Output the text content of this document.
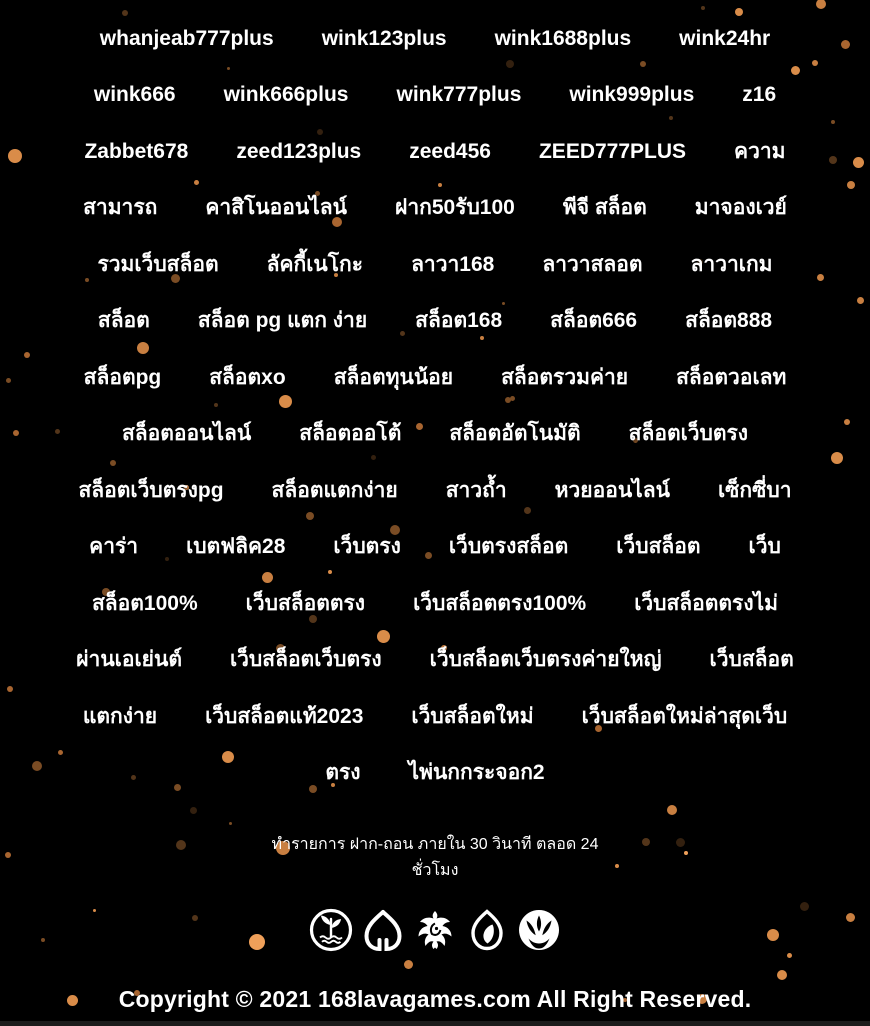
whanjeab777plus wink123plus wink1688plus wink24hr
wink666 wink666plus wink777plus wink999plus z16
Zabbet678 zeed123plus zeed456 ZEED777PLUS ความ
สามารถ คาสิโนออนไลน์ ฝาก50รับ100 พีจี สล็อต มาจองเวย์
รวมเว็บสล็อต ลัคกี้เนโกะ ลาวา168 ลาวาสลอต ลาวาเกม
สล็อต สล็อต pg แตก ง่าย สล็อต168 สล็อต666 สล็อต888
สล็อตpg สล็อตxo สล็อตทุนน้อย สล็อตรวมค่าย สล็อตวอเลท
สล็อตออนไลน์ สล็อตออโต้ สล็อตอัตโนมัติ สล็อตเว็บตรง
สล็อตเว็บตรงpg สล็อตแตกง่าย สาวถ้ำ หวยออนไลน์ เซ็กซี่บา
คาร่า เบตฟลิค28 เว็บตรง เว็บตรงสล็อต เว็บสล็อต เว็บ
สล็อต100% เว็บสล็อตตรง เว็บสล็อตตรง100% เว็บสล็อตตรงไม่
ผ่านเอเย่นต์ เว็บสล็อตเว็บตรง เว็บสล็อตเว็บตรงค่ายใหญ่ เว็บสล็อต
แตกง่าย เว็บสล็อตแท้2023 เว็บสล็อตใหม่ เว็บสล็อตใหม่ล่าสุดเว็บ
ตรง ไพ่นกกระจอก2
ทำรายการ ฝาก-ถอน ภายใน 30 วินาที ตลอด 24
ชั่วโมง
Copyright © 2021 168lavagames.com All Right Reserved.
